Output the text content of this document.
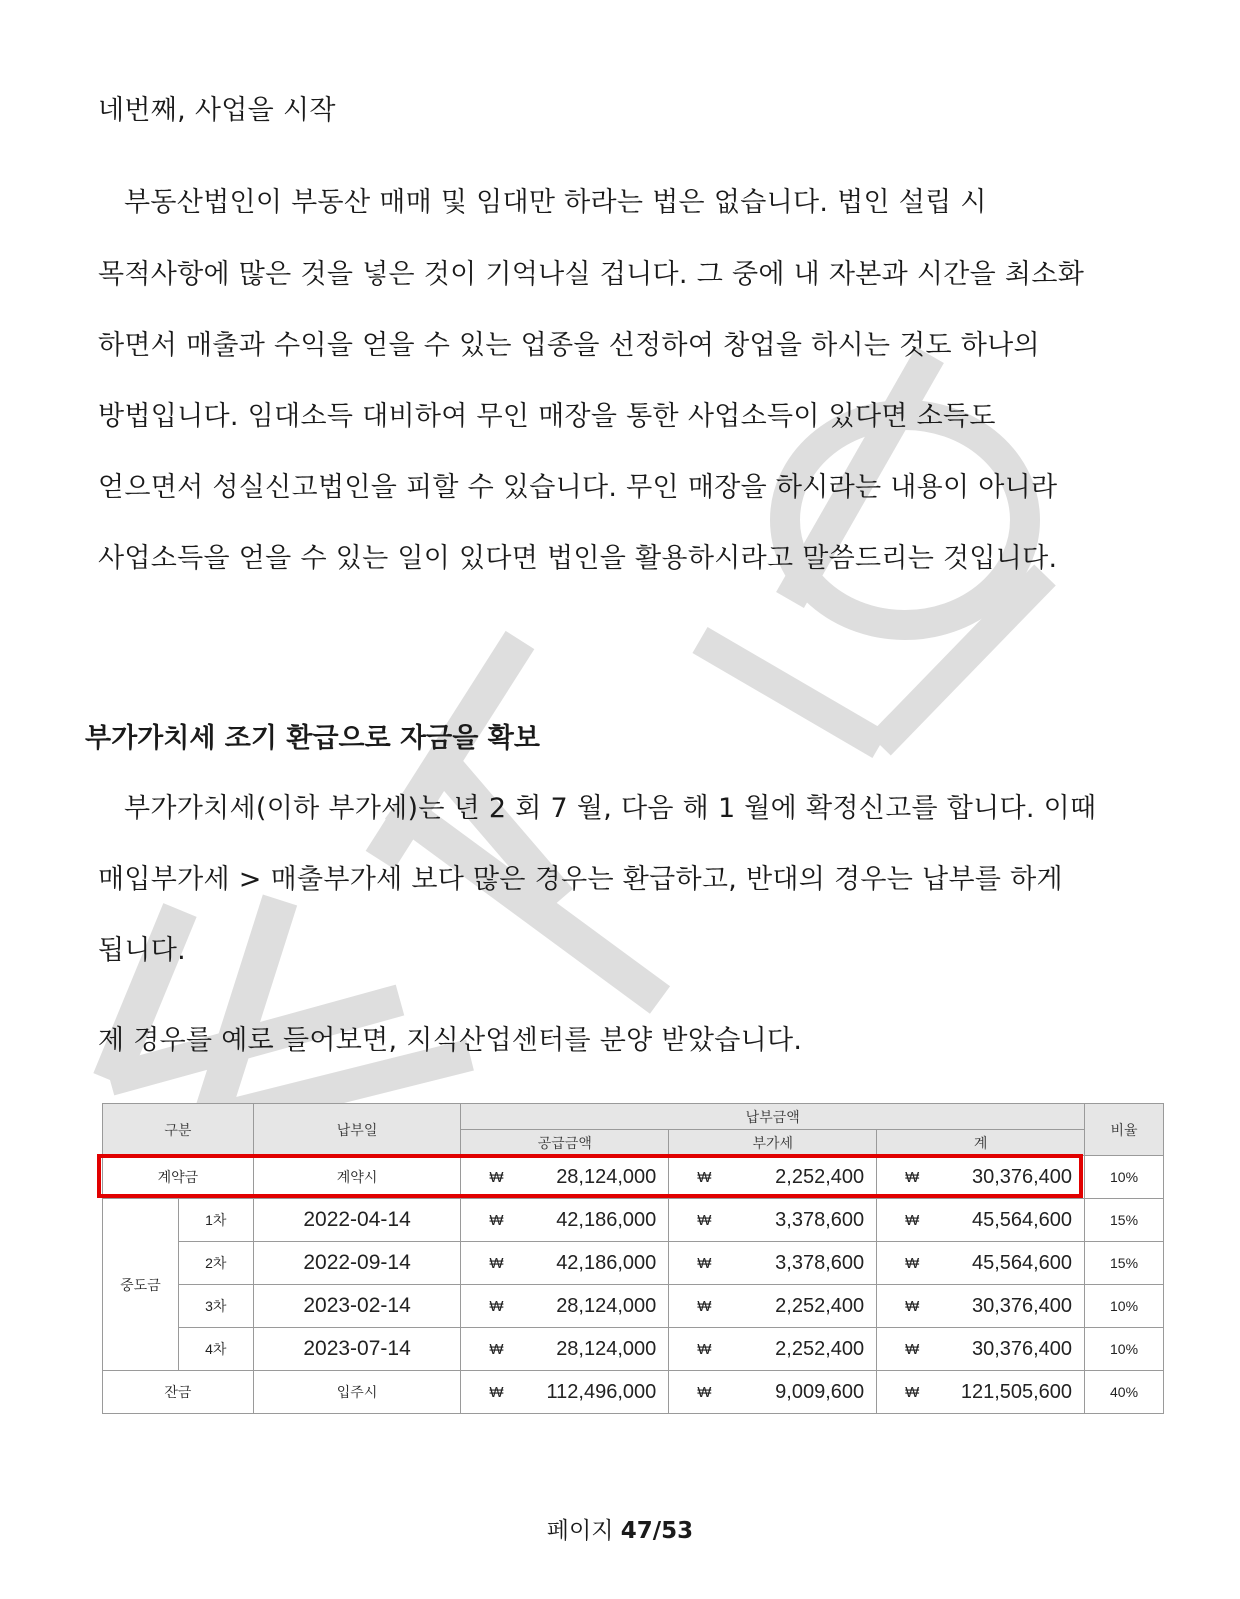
네번째, 사업을 시작
부동산법인이 부동산 매매 및 임대만 하라는 법은 없습니다. 법인 설립 시
목적사항에 많은 것을 넣은 것이 기억나실 겁니다. 그 중에 내 자본과 시간을 최소화
하면서 매출과 수익을 얻을 수 있는 업종을 선정하여 창업을 하시는 것도 하나의
방법입니다. 임대소득 대비하여 무인 매장을 통한 사업소득이 있다면 소득도
얻으면서 성실신고법인을 피할 수 있습니다. 무인 매장을 하시라는 내용이 아니라
사업소득을 얻을 수 있는 일이 있다면 법인을 활용하시라고 말씀드리는 것입니다.
부가가치세 조기 환급으로 자금을 확보
부가가치세(이하 부가세)는 년 2 회 7 월, 다음 해 1 월에 확정신고를 합니다. 이때
매입부가세 > 매출부가세 보다 많은 경우는 환급하고, 반대의 경우는 납부를 하게
됩니다.
제 경우를 예로 들어보면, 지식산업센터를 분양 받았습니다.
구분		납부일	납부금액			비율
			공급금액	부가세	계	
계약금		계약시	₩ 28,124,000	₩ 2,252,400	₩ 30,376,400	10%
중도금	1차	2022-04-14	₩ 42,186,000	₩ 3,378,600	₩ 45,564,600	15%
	2차	2022-09-14	₩ 42,186,000	₩ 3,378,600	₩ 45,564,600	15%
	3차	2023-02-14	₩ 28,124,000	₩ 2,252,400	₩ 30,376,400	10%
	4차	2023-07-14	₩ 28,124,000	₩ 2,252,400	₩ 30,376,400	10%
잔금		입주시	₩ 112,496,000	₩ 9,009,600	₩ 121,505,600	40%
페이지 47/53
